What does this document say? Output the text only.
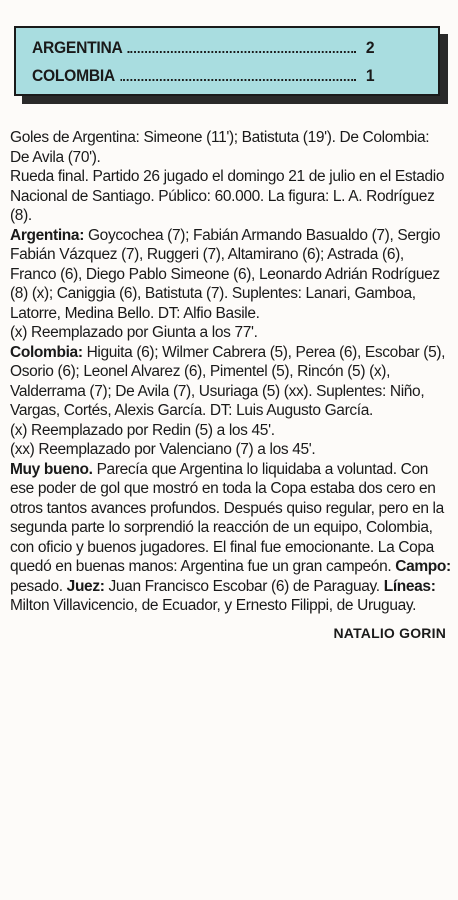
ARGENTINA	2
COLOMBIA	1

Goles de Argentina: Simeone (11'); Batistuta (19'). De Colombia: De Avila (70').

Rueda final. Partido 26 jugado el domingo 21 de julio en el Estadio Nacional de Santiago. Público: 60.000. La figura: L. A. Rodríguez (8).

Argentina: Goycochea (7); Fabián Armando Basualdo (7), Sergio Fabián Vázquez (7), Ruggeri (7), Altamirano (6); Astrada (6), Franco (6), Diego Pablo Simeone (6), Leonardo Adrián Rodríguez (8) (x); Caniggia (6), Batistuta (7). Suplentes: Lanari, Gamboa, Latorre, Medina Bello. DT: Alfio Basile.

(x) Reemplazado por Giunta a los 77'.

Colombia: Higuita (6); Wilmer Cabrera (5), Perea (6), Escobar (5), Osorio (6); Leonel Alvarez (6), Pimentel (5), Rincón (5) (x), Valderrama (7); De Avila (7), Usuriaga (5) (xx). Suplentes: Niño, Vargas, Cortés, Alexis García. DT: Luis Augusto García.

(x) Reemplazado por Redin (5) a los 45'.

(xx) Reemplazado por Valenciano (7) a los 45'.

Muy bueno. Parecía que Argentina lo liquidaba a voluntad. Con ese poder de gol que mostró en toda la Copa estaba dos cero en otros tantos avances profundos. Después quiso regular, pero en la segunda parte lo sorprendió la reacción de un equipo, Colombia, con oficio y buenos jugadores. El final fue emocionante. La Copa quedó en buenas manos: Argentina fue un gran campeón. Campo: pesado. Juez: Juan Francisco Escobar (6) de Paraguay. Líneas: Milton Villavicencio, de Ecuador, y Ernesto Filippi, de Uruguay.

NATALIO GORIN
